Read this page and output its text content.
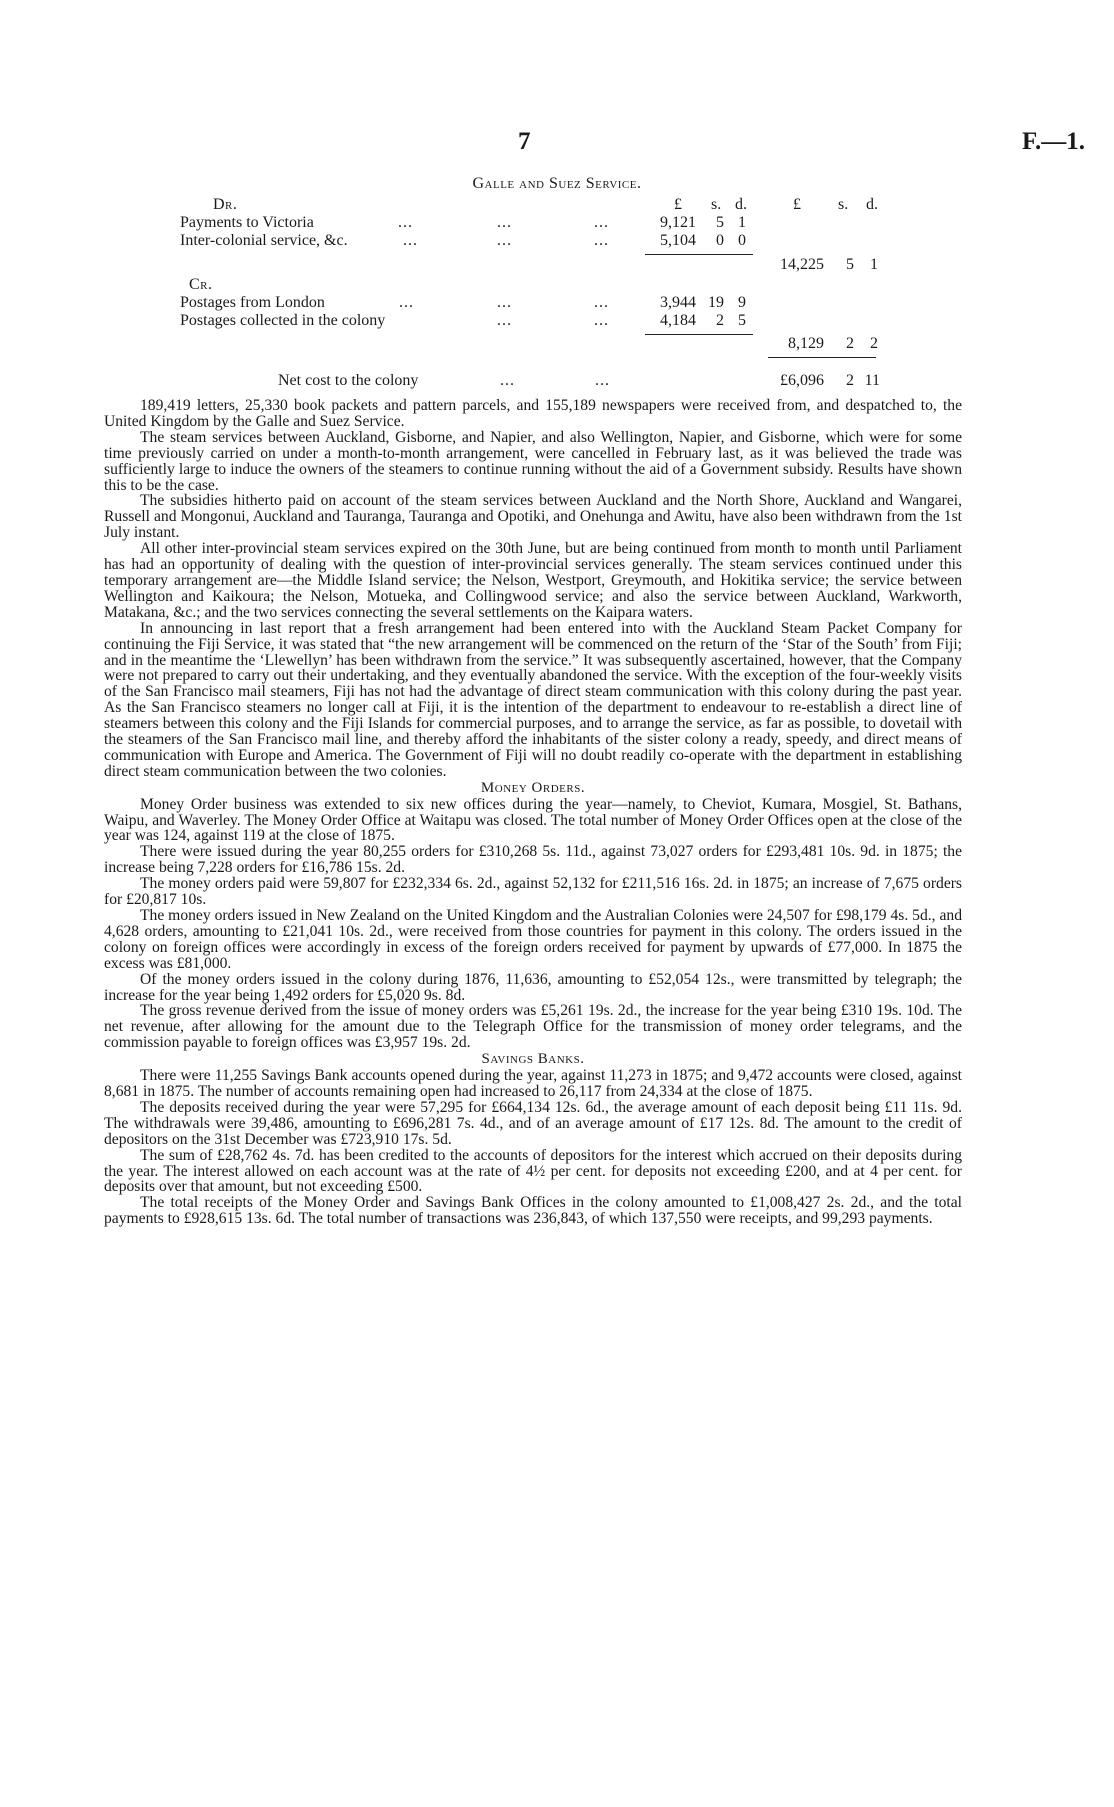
7	F.—1.
Galle and Suez Service.
£ s. d.	£ s. d.
Dr.
Payments to Victoria	...	...	...	9,121	5 1
Inter-colonial service, &c.	...	...	...	5,104	0 0
14,225	5	1
Cr.
Postages from London	...	...	...	3,944 19 9
Postages collected in the colony	...	...	4,184	2 5
8,129	2	2
Net cost to the colony	...	...	£6,096	2 11

189,419 letters, 25,330 book packets and pattern parcels, and 155,189 newspapers were received from, and despatched to, the United Kingdom by the Galle and Suez Service.

The steam services between Auckland, Gisborne, and Napier, and also Wellington, Napier, and Gisborne, which were for some time previously carried on under a month-to-month arrangement, were cancelled in February last, as it was believed the trade was sufficiently large to induce the owners of the steamers to continue running without the aid of a Government subsidy. Results have shown this to be the case.

The subsidies hitherto paid on account of the steam services between Auckland and the North Shore, Auckland and Wangarei, Russell and Mongonui, Auckland and Tauranga, Tauranga and Opotiki, and Onehunga and Awitu, have also been withdrawn from the 1st July instant.

All other inter-provincial steam services expired on the 30th June, but are being continued from month to month until Parliament has had an opportunity of dealing with the question of inter-provincial services generally. The steam services continued under this temporary arrangement are—the Middle Island service; the Nelson, Westport, Greymouth, and Hokitika service; the service between Wellington and Kaikoura; the Nelson, Motueka, and Collingwood service; and also the service between Auckland, Warkworth, Matakana, &c.; and the two services connecting the several settlements on the Kaipara waters.

In announcing in last report that a fresh arrangement had been entered into with the Auckland Steam Packet Company for continuing the Fiji Service, it was stated that “the new arrangement will be commenced on the return of the ‘Star of the South’ from Fiji; and in the meantime the ‘Llewellyn’ has been withdrawn from the service.” It was subsequently ascertained, however, that the Company were not prepared to carry out their undertaking, and they eventually abandoned the service. With the exception of the four-weekly visits of the San Francisco mail steamers, Fiji has not had the advantage of direct steam communication with this colony during the past year. As the San Francisco steamers no longer call at Fiji, it is the intention of the department to endeavour to re-establish a direct line of steamers between this colony and the Fiji Islands for commercial purposes, and to arrange the service, as far as possible, to dovetail with the steamers of the San Francisco mail line, and thereby afford the inhabitants of the sister colony a ready, speedy, and direct means of communication with Europe and America. The Government of Fiji will no doubt readily co-operate with the department in establishing direct steam communication between the two colonies.

Money Orders.

Money Order business was extended to six new offices during the year—namely, to Cheviot, Kumara, Mosgiel, St. Bathans, Waipu, and Waverley. The Money Order Office at Waitapu was closed. The total number of Money Order Offices open at the close of the year was 124, against 119 at the close of 1875.

There were issued during the year 80,255 orders for £310,268 5s. 11d., against 73,027 orders for £293,481 10s. 9d. in 1875; the increase being 7,228 orders for £16,786 15s. 2d.

The money orders paid were 59,807 for £232,334 6s. 2d., against 52,132 for £211,516 16s. 2d. in 1875; an increase of 7,675 orders for £20,817 10s.

The money orders issued in New Zealand on the United Kingdom and the Australian Colonies were 24,507 for £98,179 4s. 5d., and 4,628 orders, amounting to £21,041 10s. 2d., were received from those countries for payment in this colony. The orders issued in the colony on foreign offices were accordingly in excess of the foreign orders received for payment by upwards of £77,000. In 1875 the excess was £81,000.

Of the money orders issued in the colony during 1876, 11,636, amounting to £52,054 12s., were transmitted by telegraph; the increase for the year being 1,492 orders for £5,020 9s. 8d.

The gross revenue derived from the issue of money orders was £5,261 19s. 2d., the increase for the year being £310 19s. 10d. The net revenue, after allowing for the amount due to the Telegraph Office for the transmission of money order telegrams, and the commission payable to foreign offices was £3,957 19s. 2d.

Savings Banks.

There were 11,255 Savings Bank accounts opened during the year, against 11,273 in 1875; and 9,472 accounts were closed, against 8,681 in 1875. The number of accounts remaining open had increased to 26,117 from 24,334 at the close of 1875.

The deposits received during the year were 57,295 for £664,134 12s. 6d., the average amount of each deposit being £11 11s. 9d. The withdrawals were 39,486, amounting to £696,281 7s. 4d., and of an average amount of £17 12s. 8d. The amount to the credit of depositors on the 31st December was £723,910 17s. 5d.

The sum of £28,762 4s. 7d. has been credited to the accounts of depositors for the interest which accrued on their deposits during the year. The interest allowed on each account was at the rate of 4½ per cent. for deposits not exceeding £200, and at 4 per cent. for deposits over that amount, but not exceeding £500.

The total receipts of the Money Order and Savings Bank Offices in the colony amounted to £1,008,427 2s. 2d., and the total payments to £928,615 13s. 6d. The total number of transactions was 236,843, of which 137,550 were receipts, and 99,293 payments.
